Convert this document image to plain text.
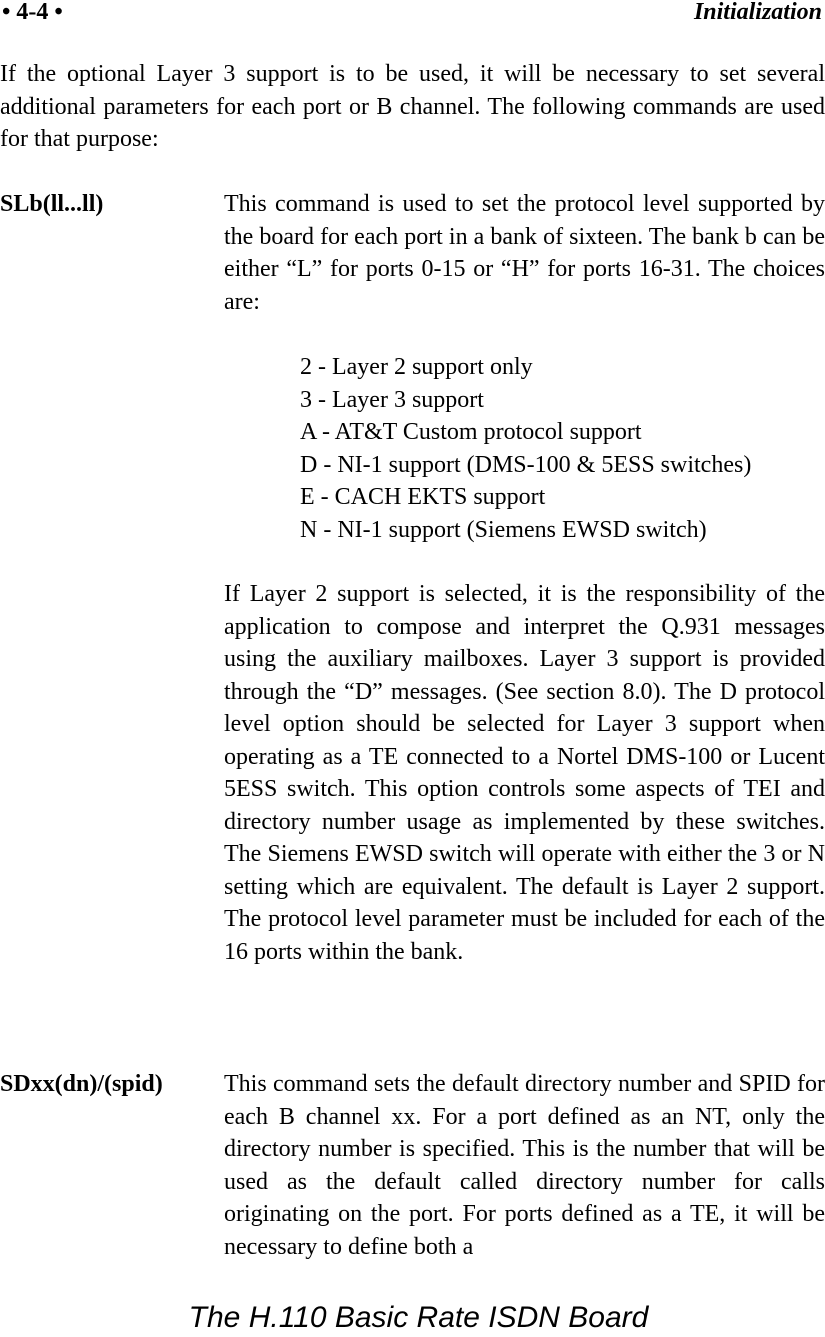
• 4-4 •	Initialization

If the optional Layer 3 support is to be used, it will be necessary to set several additional parameters for each port or B channel. The following commands are used for that purpose:

SLb(ll...ll)	This command is used to set the protocol level supported by the board for each port in a bank of sixteen. The bank b can be either “L” for ports 0-15 or “H” for ports 16-31. The choices are:

2 - Layer 2 support only
3 - Layer 3 support
A - AT&T Custom protocol support
D - NI-1 support (DMS-100 & 5ESS switches)
E - CACH EKTS support
N - NI-1 support (Siemens EWSD switch)

If Layer 2 support is selected, it is the responsibility of the application to compose and interpret the Q.931 messages using the auxiliary mailboxes. Layer 3 support is provided through the “D” messages. (See section 8.0). The D protocol level option should be selected for Layer 3 support when operating as a TE connected to a Nortel DMS-100 or Lucent 5ESS switch. This option controls some aspects of TEI and directory number usage as implemented by these switches. The Siemens EWSD switch will operate with either the 3 or N setting which are equivalent. The default is Layer 2 support. The protocol level parameter must be included for each of the 16 ports within the bank.

SDxx(dn)/(spid)	This command sets the default directory number and SPID for each B channel xx. For a port defined as an NT, only the directory number is specified. This is the number that will be used as the default called directory number for calls originating on the port. For ports defined as a TE, it will be necessary to define both a

The H.110 Basic Rate ISDN Board
